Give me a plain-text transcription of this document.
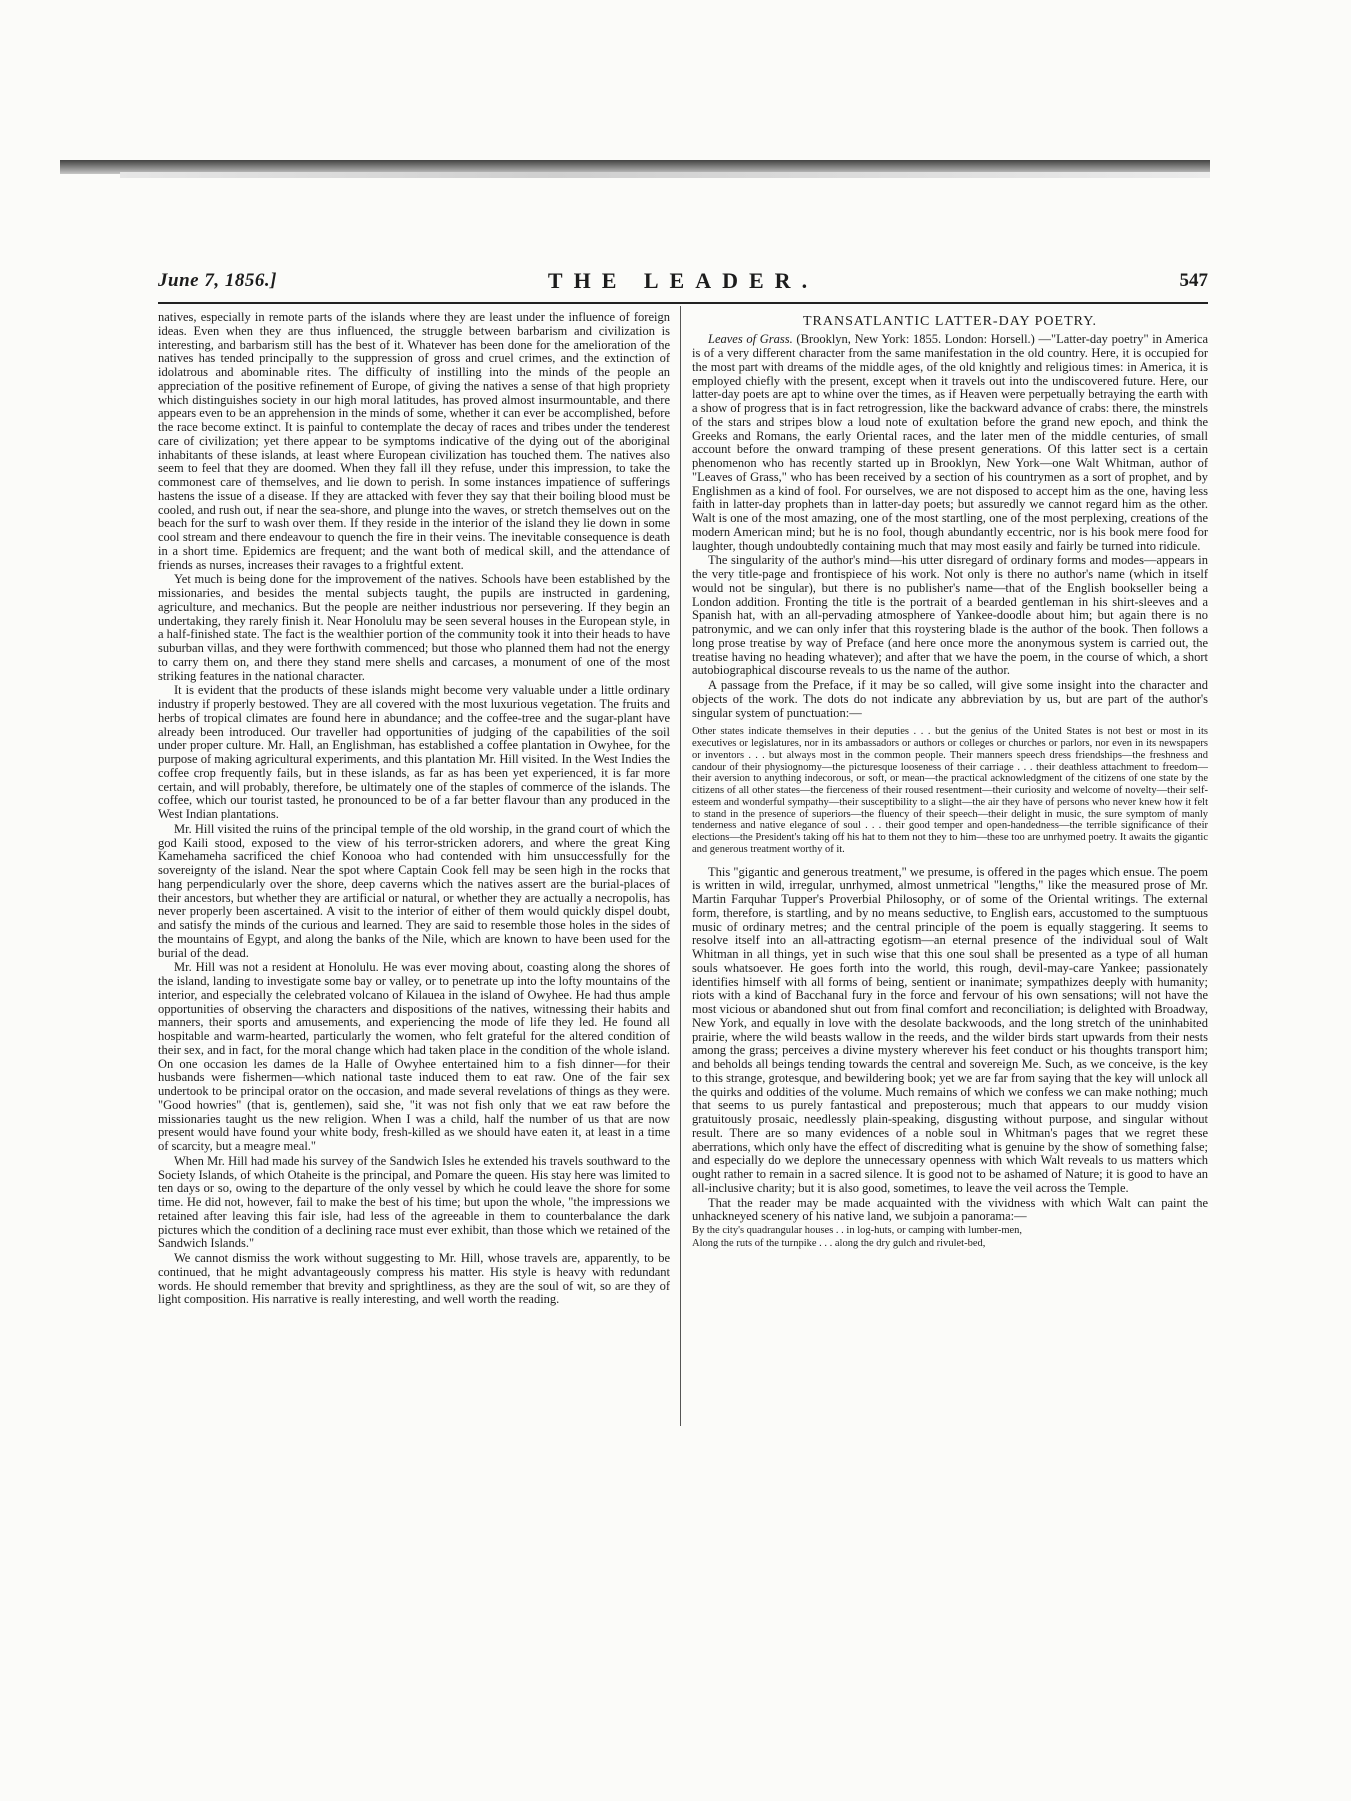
June 7, 1856.]	THE LEADER.	547

natives, especially in remote parts of the islands where they are least under the influence of foreign ideas. Even when they are thus influenced, the struggle between barbarism and civilization is interesting, and barbarism still has the best of it. Whatever has been done for the amelioration of the natives has tended principally to the suppression of gross and cruel crimes, and the extinction of idolatrous and abominable rites. The difficulty of instilling into the minds of the people an appreciation of the positive refinement of Europe, of giving the natives a sense of that high propriety which distinguishes society in our high moral latitudes, has proved almost insurmountable, and there appears even to be an apprehension in the minds of some, whether it can ever be accomplished, before the race become extinct. It is painful to contemplate the decay of races and tribes under the tenderest care of civilization; yet there appear to be symptoms indicative of the dying out of the aboriginal inhabitants of these islands, at least where European civilization has touched them. The natives also seem to feel that they are doomed. When they fall ill they refuse, under this impression, to take the commonest care of themselves, and lie down to perish. In some instances impatience of sufferings hastens the issue of a disease. If they are attacked with fever they say that their boiling blood must be cooled, and rush out, if near the sea-shore, and plunge into the waves, or stretch themselves out on the beach for the surf to wash over them. If they reside in the interior of the island they lie down in some cool stream and there endeavour to quench the fire in their veins. The inevitable consequence is death in a short time. Epidemics are frequent; and the want both of medical skill, and the attendance of friends as nurses, increases their ravages to a frightful extent.

Yet much is being done for the improvement of the natives. Schools have been established by the missionaries, and besides the mental subjects taught, the pupils are instructed in gardening, agriculture, and mechanics. But the people are neither industrious nor persevering. If they begin an undertaking, they rarely finish it. Near Honolulu may be seen several houses in the European style, in a half-finished state. The fact is the wealthier portion of the community took it into their heads to have suburban villas, and they were forthwith commenced; but those who planned them had not the energy to carry them on, and there they stand mere shells and carcases, a monument of one of the most striking features in the national character.

It is evident that the products of these islands might become very valuable under a little ordinary industry if properly bestowed. They are all covered with the most luxurious vegetation. The fruits and herbs of tropical climates are found here in abundance; and the coffee-tree and the sugar-plant have already been introduced. Our traveller had opportunities of judging of the capabilities of the soil under proper culture. Mr. Hall, an Englishman, has established a coffee plantation in Owyhee, for the purpose of making agricultural experiments, and this plantation Mr. Hill visited. In the West Indies the coffee crop frequently fails, but in these islands, as far as has been yet experienced, it is far more certain, and will probably, therefore, be ultimately one of the staples of commerce of the islands. The coffee, which our tourist tasted, he pronounced to be of a far better flavour than any produced in the West Indian plantations.

Mr. Hill visited the ruins of the principal temple of the old worship, in the grand court of which the god Kaili stood, exposed to the view of his terror-stricken adorers, and where the great King Kamehameha sacrificed the chief Konooa who had contended with him unsuccessfully for the sovereignty of the island. Near the spot where Captain Cook fell may be seen high in the rocks that hang perpendicularly over the shore, deep caverns which the natives assert are the burial-places of their ancestors, but whether they are artificial or natural, or whether they are actually a necropolis, has never properly been ascertained. A visit to the interior of either of them would quickly dispel doubt, and satisfy the minds of the curious and learned. They are said to resemble those holes in the sides of the mountains of Egypt, and along the banks of the Nile, which are known to have been used for the burial of the dead.

Mr. Hill was not a resident at Honolulu. He was ever moving about, coasting along the shores of the island, landing to investigate some bay or valley, or to penetrate up into the lofty mountains of the interior, and especially the celebrated volcano of Kilauea in the island of Owyhee. He had thus ample opportunities of observing the characters and dispositions of the natives, witnessing their habits and manners, their sports and amusements, and experiencing the mode of life they led. He found all hospitable and warm-hearted, particularly the women, who felt grateful for the altered condition of their sex, and in fact, for the moral change which had taken place in the condition of the whole island. On one occasion les dames de la Halle of Owyhee entertained him to a fish dinner—for their husbands were fishermen—which national taste induced them to eat raw. One of the fair sex undertook to be principal orator on the occasion, and made several revelations of things as they were. "Good howries" (that is, gentlemen), said she, "it was not fish only that we eat raw before the missionaries taught us the new religion. When I was a child, half the number of us that are now present would have found your white body, fresh-killed as we should have eaten it, at least in a time of scarcity, but a meagre meal."

When Mr. Hill had made his survey of the Sandwich Isles he extended his travels southward to the Society Islands, of which Otaheite is the principal, and Pomare the queen. His stay here was limited to ten days or so, owing to the departure of the only vessel by which he could leave the shore for some time. He did not, however, fail to make the best of his time; but upon the whole, "the impressions we retained after leaving this fair isle, had less of the agreeable in them to counterbalance the dark pictures which the condition of a declining race must ever exhibit, than those which we retained of the Sandwich Islands."

We cannot dismiss the work without suggesting to Mr. Hill, whose travels are, apparently, to be continued, that he might advantageously compress his matter. His style is heavy with redundant words. He should remember that brevity and sprightliness, as they are the soul of wit, so are they of light composition. His narrative is really interesting, and well worth the reading.

TRANSATLANTIC LATTER-DAY POETRY.

Leaves of Grass. (Brooklyn, New York: 1855. London: Horsell.) —"Latter-day poetry" in America is of a very different character from the same manifestation in the old country. Here, it is occupied for the most part with dreams of the middle ages, of the old knightly and religious times: in America, it is employed chiefly with the present, except when it travels out into the undiscovered future. Here, our latter-day poets are apt to whine over the times, as if Heaven were perpetually betraying the earth with a show of progress that is in fact retrogression, like the backward advance of crabs: there, the minstrels of the stars and stripes blow a loud note of exultation before the grand new epoch, and think the Greeks and Romans, the early Oriental races, and the later men of the middle centuries, of small account before the onward tramping of these present generations. Of this latter sect is a certain phenomenon who has recently started up in Brooklyn, New York—one Walt Whitman, author of "Leaves of Grass," who has been received by a section of his countrymen as a sort of prophet, and by Englishmen as a kind of fool. For ourselves, we are not disposed to accept him as the one, having less faith in latter-day prophets than in latter-day poets; but assuredly we cannot regard him as the other. Walt is one of the most amazing, one of the most startling, one of the most perplexing, creations of the modern American mind; but he is no fool, though abundantly eccentric, nor is his book mere food for laughter, though undoubtedly containing much that may most easily and fairly be turned into ridicule.

The singularity of the author's mind—his utter disregard of ordinary forms and modes—appears in the very title-page and frontispiece of his work. Not only is there no author's name (which in itself would not be singular), but there is no publisher's name—that of the English bookseller being a London addition. Fronting the title is the portrait of a bearded gentleman in his shirt-sleeves and a Spanish hat, with an all-pervading atmosphere of Yankee-doodle about him; but again there is no patronymic, and we can only infer that this roystering blade is the author of the book. Then follows a long prose treatise by way of Preface (and here once more the anonymous system is carried out, the treatise having no heading whatever); and after that we have the poem, in the course of which, a short autobiographical discourse reveals to us the name of the author.

A passage from the Preface, if it may be so called, will give some insight into the character and objects of the work. The dots do not indicate any abbreviation by us, but are part of the author's singular system of punctuation:—

Other states indicate themselves in their deputies . . . but the genius of the United States is not best or most in its executives or legislatures, nor in its ambassadors or authors or colleges or churches or parlors, nor even in its newspapers or inventors . . . but always most in the common people. Their manners speech dress friendships—the freshness and candour of their physiognomy—the picturesque looseness of their carriage . . . their deathless attachment to freedom—their aversion to anything indecorous, or soft, or mean—the practical acknowledgment of the citizens of one state by the citizens of all other states—the fierceness of their roused resentment—their curiosity and welcome of novelty—their self-esteem and wonderful sympathy—their susceptibility to a slight—the air they have of persons who never knew how it felt to stand in the presence of superiors—the fluency of their speech—their delight in music, the sure symptom of manly tenderness and native elegance of soul . . . their good temper and open-handedness—the terrible significance of their elections—the President's taking off his hat to them not they to him—these too are unrhymed poetry. It awaits the gigantic and generous treatment worthy of it.

This "gigantic and generous treatment," we presume, is offered in the pages which ensue. The poem is written in wild, irregular, unrhymed, almost unmetrical "lengths," like the measured prose of Mr. Martin Farquhar Tupper's Proverbial Philosophy, or of some of the Oriental writings. The external form, therefore, is startling, and by no means seductive, to English ears, accustomed to the sumptuous music of ordinary metres; and the central principle of the poem is equally staggering. It seems to resolve itself into an all-attracting egotism—an eternal presence of the individual soul of Walt Whitman in all things, yet in such wise that this one soul shall be presented as a type of all human souls whatsoever. He goes forth into the world, this rough, devil-may-care Yankee; passionately identifies himself with all forms of being, sentient or inanimate; sympathizes deeply with humanity; riots with a kind of Bacchanal fury in the force and fervour of his own sensations; will not have the most vicious or abandoned shut out from final comfort and reconciliation; is delighted with Broadway, New York, and equally in love with the desolate backwoods, and the long stretch of the uninhabited prairie, where the wild beasts wallow in the reeds, and the wilder birds start upwards from their nests among the grass; perceives a divine mystery wherever his feet conduct or his thoughts transport him; and beholds all beings tending towards the central and sovereign Me. Such, as we conceive, is the key to this strange, grotesque, and bewildering book; yet we are far from saying that the key will unlock all the quirks and oddities of the volume. Much remains of which we confess we can make nothing; much that seems to us purely fantastical and preposterous; much that appears to our muddy vision gratuitously prosaic, needlessly plain-speaking, disgusting without purpose, and singular without result. There are so many evidences of a noble soul in Whitman's pages that we regret these aberrations, which only have the effect of discrediting what is genuine by the show of something false; and especially do we deplore the unnecessary openness with which Walt reveals to us matters which ought rather to remain in a sacred silence. It is good not to be ashamed of Nature; it is good to have an all-inclusive charity; but it is also good, sometimes, to leave the veil across the Temple.

That the reader may be made acquainted with the vividness with which Walt can paint the unhackneyed scenery of his native land, we subjoin a panorama:—

By the city's quadrangular houses . . in log-huts, or camping with lumber-men,
Along the ruts of the turnpike . . . along the dry gulch and rivulet-bed,
